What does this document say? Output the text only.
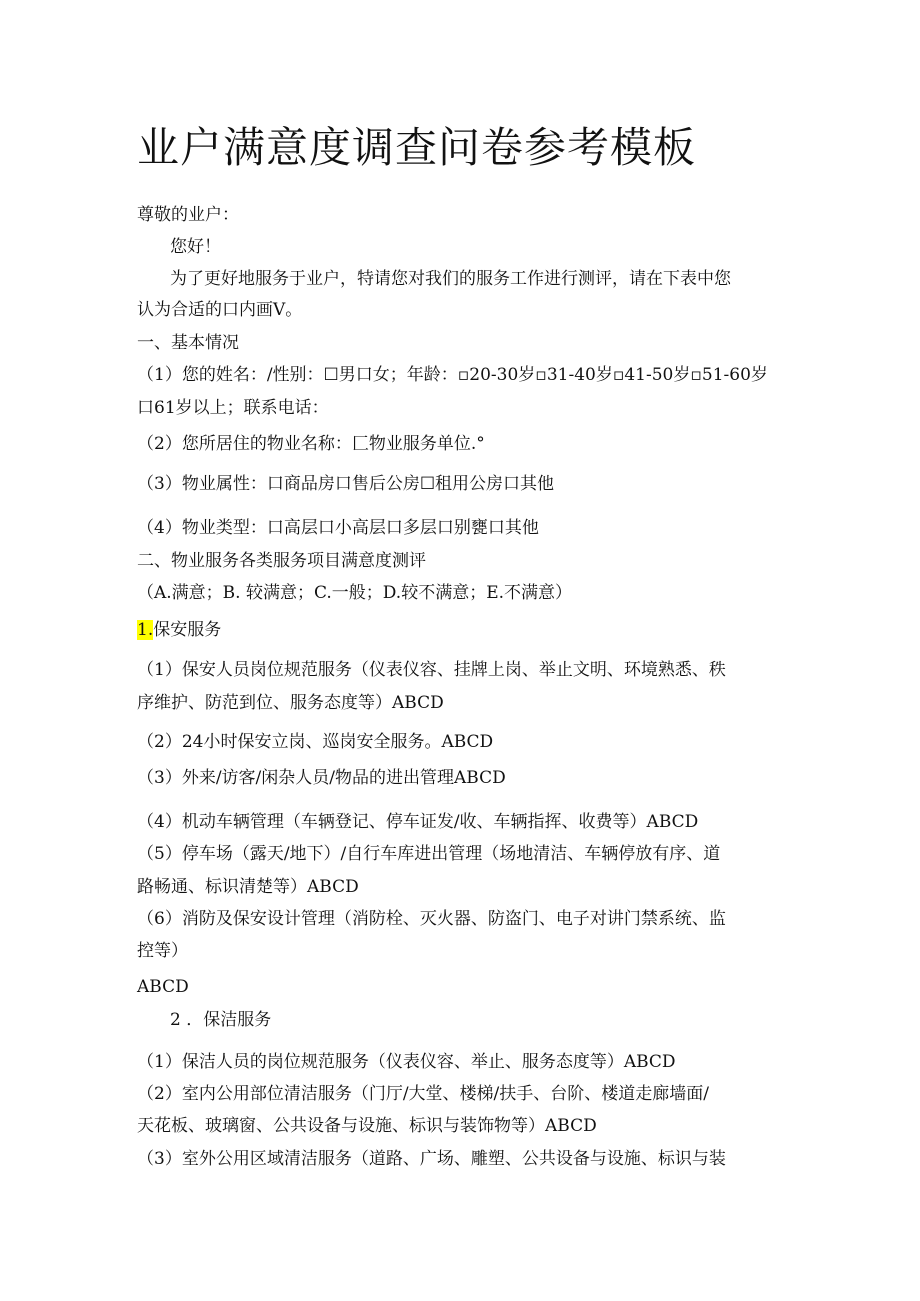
业户满意度调查问卷参考模板
尊敬的业户：
您好！
为了更好地服务于业户，特请您对我们的服务工作进行测评，请在下表中您
认为合适的口内画V。
一、基本情况
（1）您的姓名：/性别：☐男口女；年龄：▫20-30岁▫31-40岁▫41-50岁▫51-60岁
口61岁以上；联系电话：
（2）您所居住的物业名称：匚物业服务单位.°
（3）物业属性：口商品房口售后公房☐租用公房口其他
（4）物业类型：口高层口小高层口多层口别甕口其他
二、物业服务各类服务项目满意度测评
（A.满意；B. 较满意；C.一般；D.较不满意；E.不满意）
1.保安服务
（1）保安人员岗位规范服务（仪表仪容、挂牌上岗、举止文明、环境熟悉、秩
序维护、防范到位、服务态度等）ABCD
（2）24小时保安立岗、巡岗安全服务。ABCD
（3）外来/访客/闲杂人员/物品的进出管理ABCD
（4）机动车辆管理（车辆登记、停车证发/收、车辆指挥、收费等）ABCD
（5）停车场（露天/地下）/自行车库进出管理（场地清洁、车辆停放有序、道
路畅通、标识清楚等）ABCD
（6）消防及保安设计管理（消防栓、灭火器、防盗门、电子对讲门禁系统、监
控等）
ABCD
2 ．保洁服务
（1）保洁人员的岗位规范服务（仪表仪容、举止、服务态度等）ABCD
（2）室内公用部位清洁服务（门厅/大堂、楼梯/扶手、台阶、楼道走廊墙面/
天花板、玻璃窗、公共设备与设施、标识与装饰物等）ABCD
（3）室外公用区域清洁服务（道路、广场、雕塑、公共设备与设施、标识与装
